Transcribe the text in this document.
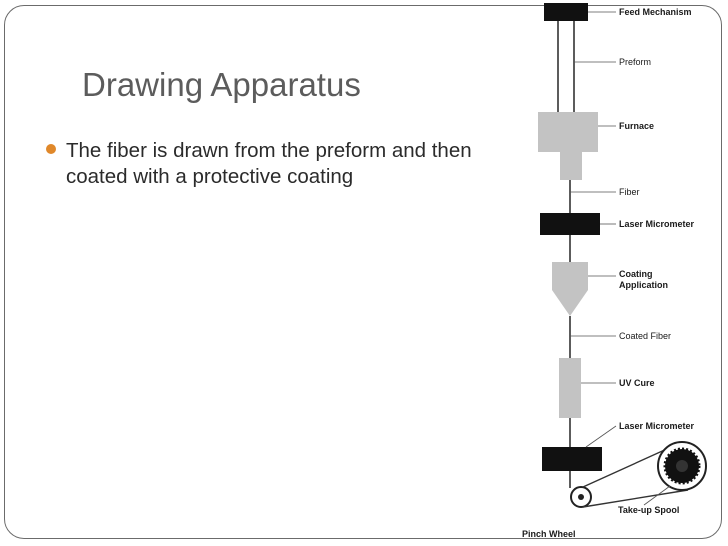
Drawing Apparatus

The fiber is drawn from the preform and then coated with a protective coating

Feed Mechanism
Preform
Furnace
Fiber
Laser Micrometer
Coating
Application
Coated Fiber
UV Cure
Laser Micrometer
Take-up Spool
Pinch Wheel
